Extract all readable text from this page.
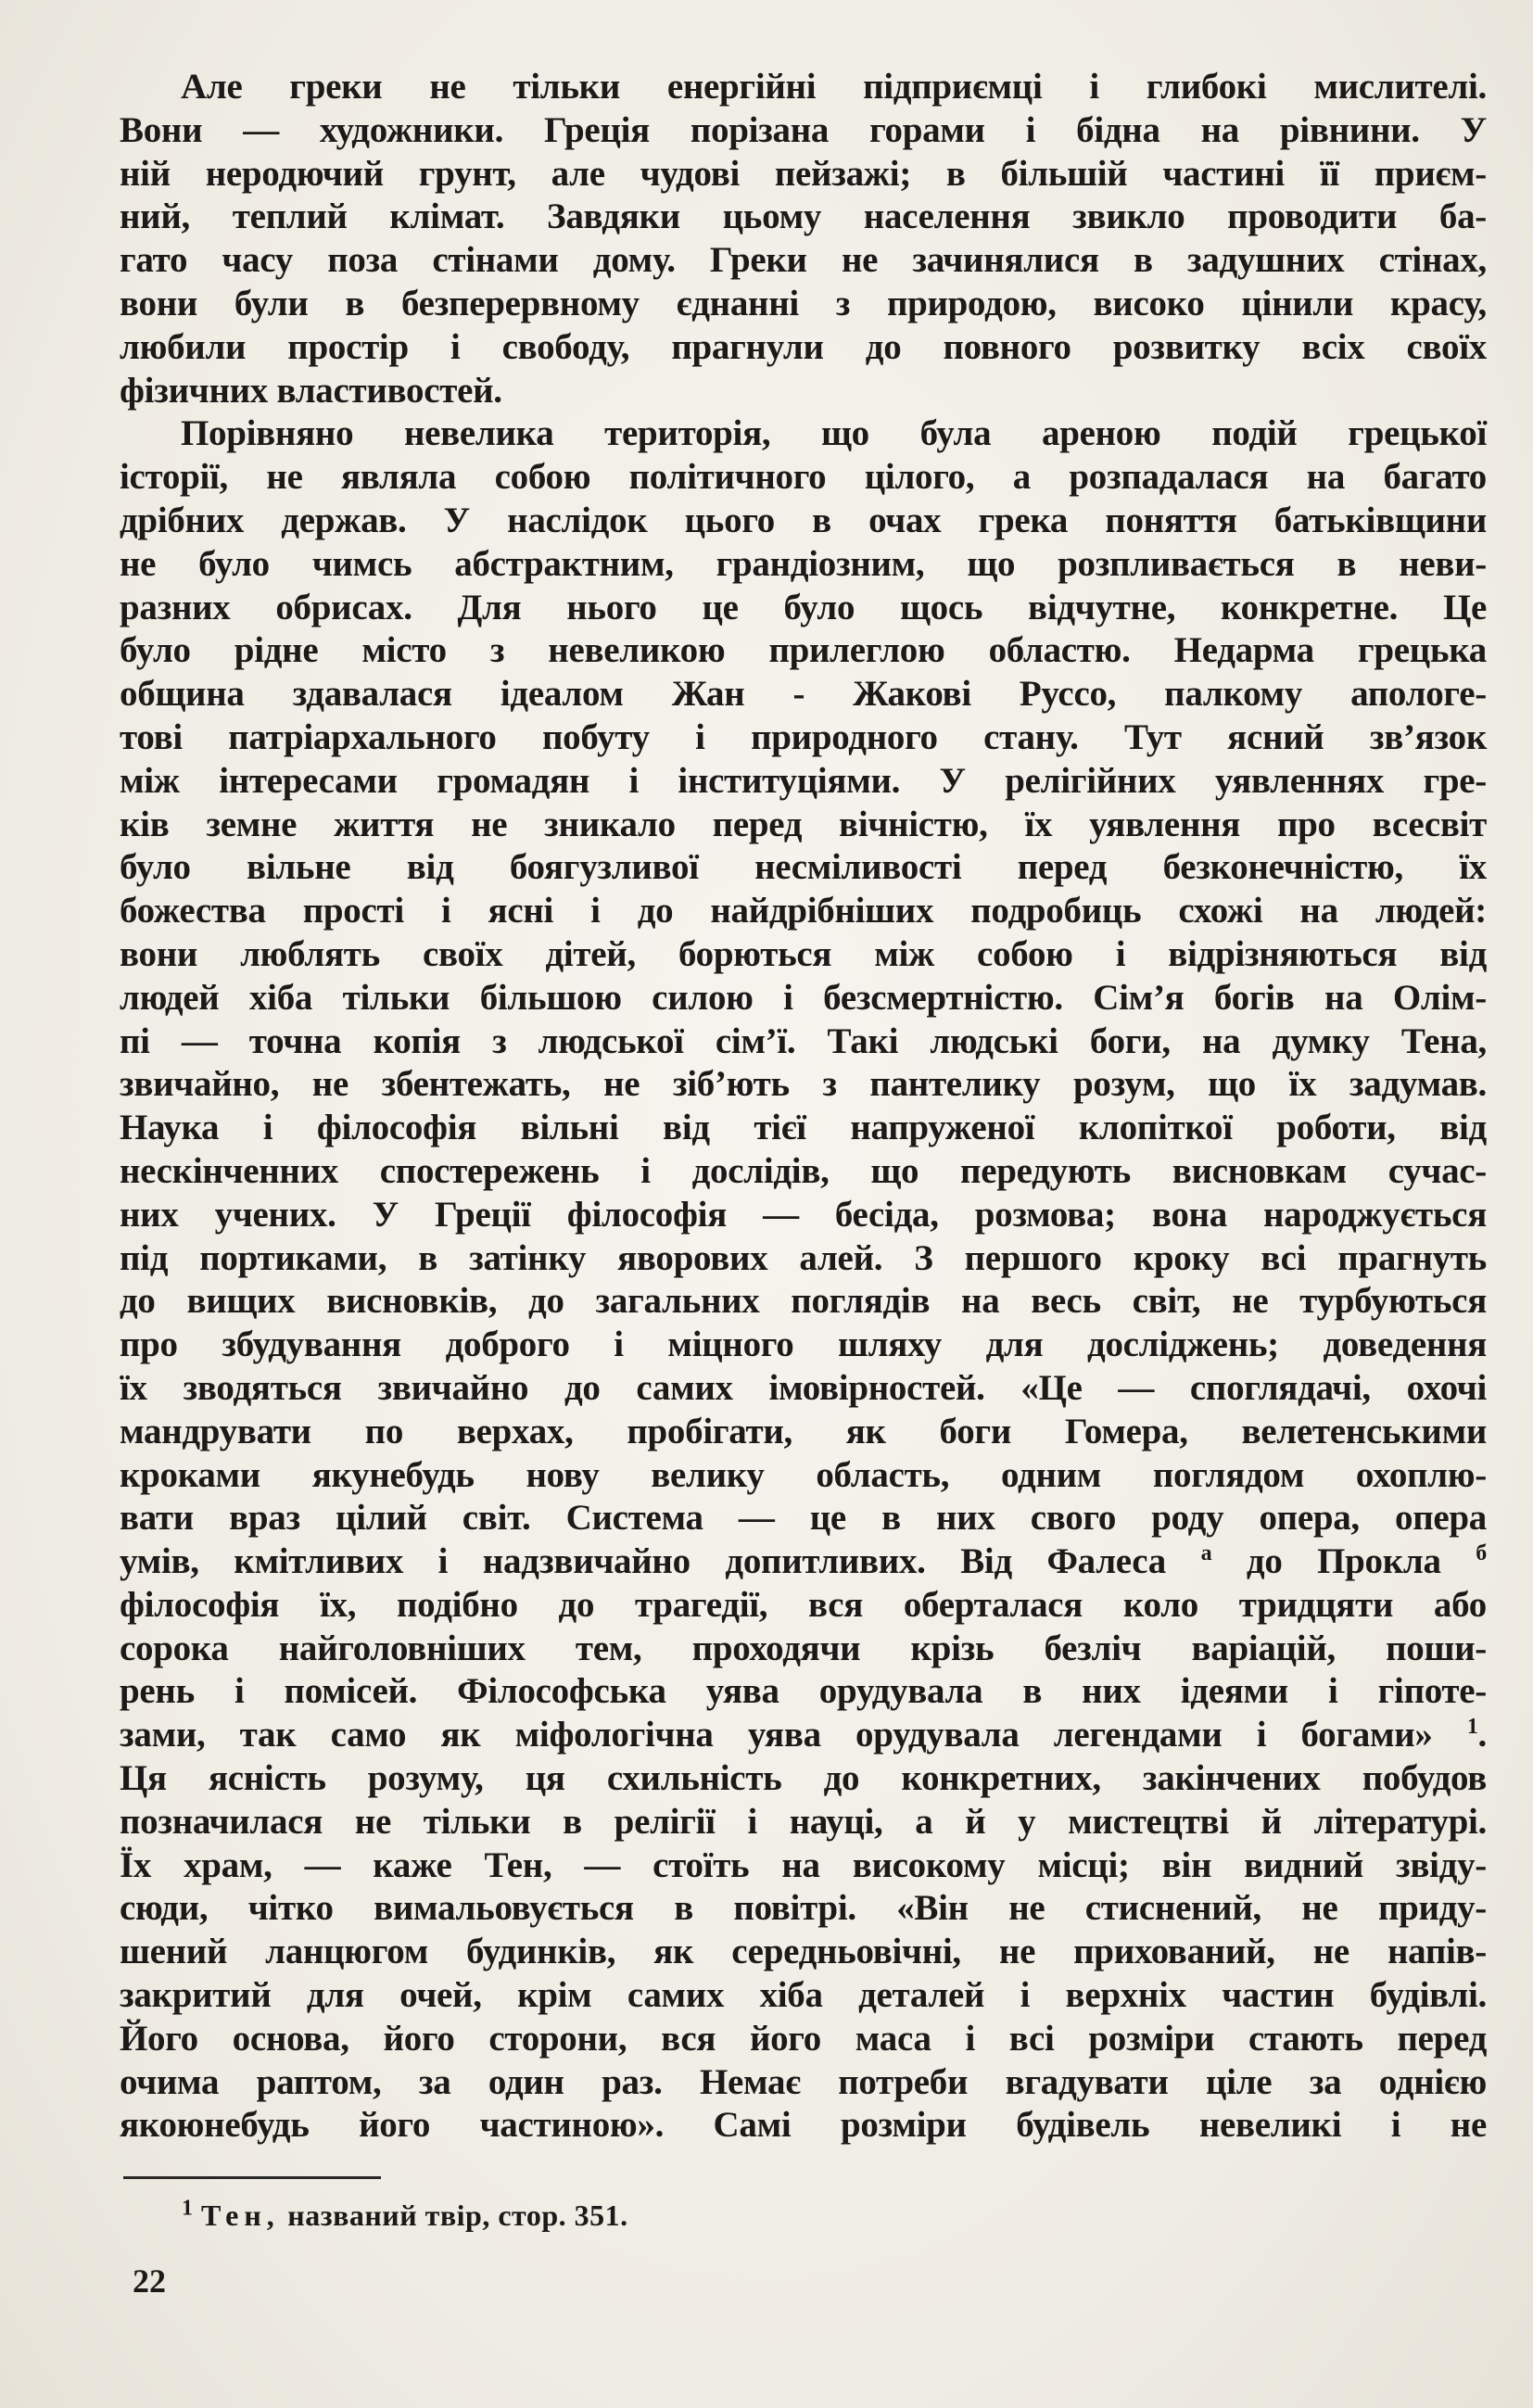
Але греки не тільки енергійні підприємці і глибокі мислителі.
Вони — художники. Греція порізана горами і бідна на рівнини. У
ній неродючий грунт, але чудові пейзажі; в більшій частині її приєм-
ний, теплий клімат. Завдяки цьому населення звикло проводити ба-
гато часу поза стінами дому. Греки не зачинялися в задушних стінах,
вони були в безперервному єднанні з природою, високо цінили красу,
любили простір і свободу, прагнули до повного розвитку всіх своїх
фізичних властивостей.
Порівняно невелика територія, що була ареною подій грецької
історії, не являла собою політичного цілого, а розпадалася на багато
дрібних держав. У наслідок цього в очах грека поняття батьківщини
не було чимсь абстрактним, грандіозним, що розпливається в неви-
разних обрисах. Для нього це було щось відчутне, конкретне. Це
було рідне місто з невеликою прилеглою областю. Недарма грецька
община здавалася ідеалом Жан - Жакові Руссо, палкому апологе-
тові патріархального побуту і природного стану. Тут ясний зв’язок
між інтересами громадян і інституціями. У релігійних уявленнях гре-
ків земне життя не зникало перед вічністю, їх уявлення про всесвіт
було вільне від боягузливої несміливості перед безконечністю, їх
божества прості і ясні і до найдрібніших подробиць схожі на людей:
вони люблять своїх дітей, борються між собою і відрізняються від
людей хіба тільки більшою силою і безсмертністю. Сім’я богів на Олім-
пі — точна копія з людської сім’ї. Такі людські боги, на думку Тена,
звичайно, не збентежать, не зіб’ють з пантелику розум, що їх задумав.
Наука і філософія вільні від тієї напруженої клопіткої роботи, від
нескінченних спостережень і дослідів, що передують висновкам сучас-
них учених. У Греції філософія — бесіда, розмова; вона народжується
під портиками, в затінку яворових алей. З першого кроку всі прагнуть
до вищих висновків, до загальних поглядів на весь світ, не турбуються
про збудування доброго і міцного шляху для досліджень; доведення
їх зводяться звичайно до самих імовірностей. «Це — споглядачі, охочі
мандрувати по верхах, пробігати, як боги Гомера, велетенськими
кроками якунебудь нову велику область, одним поглядом охоплю-
вати враз цілий світ. Система — це в них свого роду опера, опера
умів, кмітливих і надзвичайно допитливих. Від Фалеса $^а$ до Прокла $^б$
філософія їх, подібно до трагедії, вся оберталася коло тридцяти або
сорока найголовніших тем, проходячи крізь безліч варіацій, поши-
рень і помісей. Філософська уява орудувала в них ідеями і гіпоте-
зами, так само як міфологічна уява орудувала легендами і богами» $^1$.
Ця ясність розуму, ця схильність до конкретних, закінчених побудов
позначилася не тільки в релігії і науці, а й у мистецтві й літературі.
Їх храм, — каже Тен, — стоїть на високому місці; він видний звіду-
сюди, чітко вимальовується в повітрі. «Він не стиснений, не приду-
шений ланцюгом будинків, як середньовічні, не прихований, не напів-
закритий для очей, крім самих хіба деталей і верхніх частин будівлі.
Його основа, його сторони, вся його маса і всі розміри стають перед
очима раптом, за один раз. Немає потреби вгадувати ціле за однією
якоюнебудь його частиною». Самі розміри будівель невеликі і не
$^1$ Тен, названий твір, стор. 351.
22
